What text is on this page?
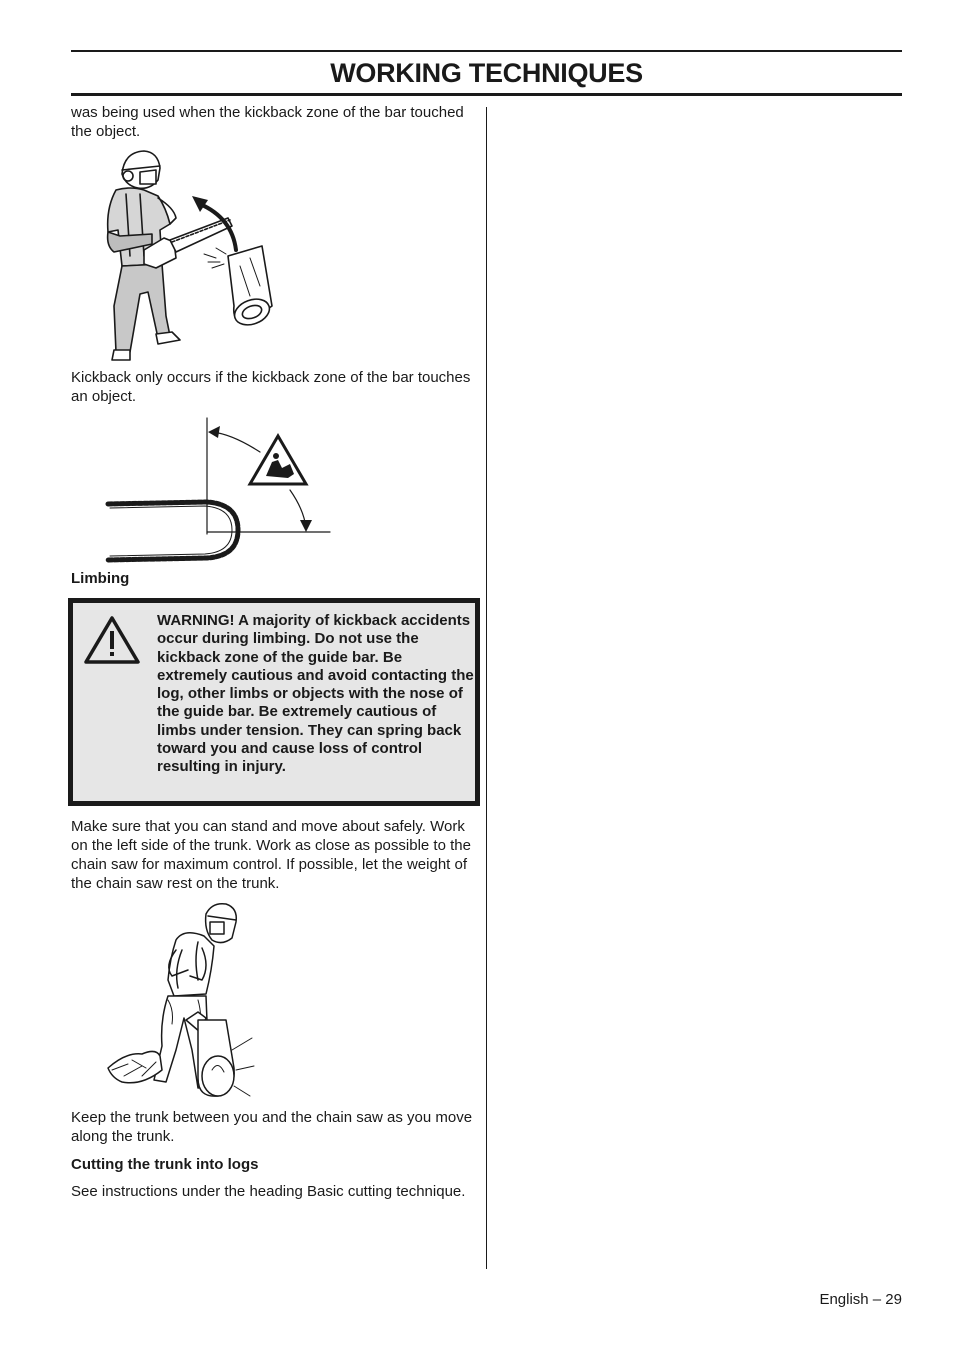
WORKING TECHNIQUES

was being used when the kickback zone of the bar touched the object.

Kickback only occurs if the kickback zone of the bar touches an object.

Limbing

WARNING! A majority of kickback accidents occur during limbing. Do not use the kickback zone of the guide bar. Be extremely cautious and avoid contacting the log, other limbs or objects with the nose of the guide bar. Be extremely cautious of limbs under tension. They can spring back toward you and cause loss of control resulting in injury.

Make sure that you can stand and move about safely. Work on the left side of the trunk. Work as close as possible to the chain saw for maximum control. If possible, let the weight of the chain saw rest on the trunk.

Keep the trunk between you and the chain saw as you move along the trunk.

Cutting the trunk into logs

See instructions under the heading Basic cutting technique.

English – 29
